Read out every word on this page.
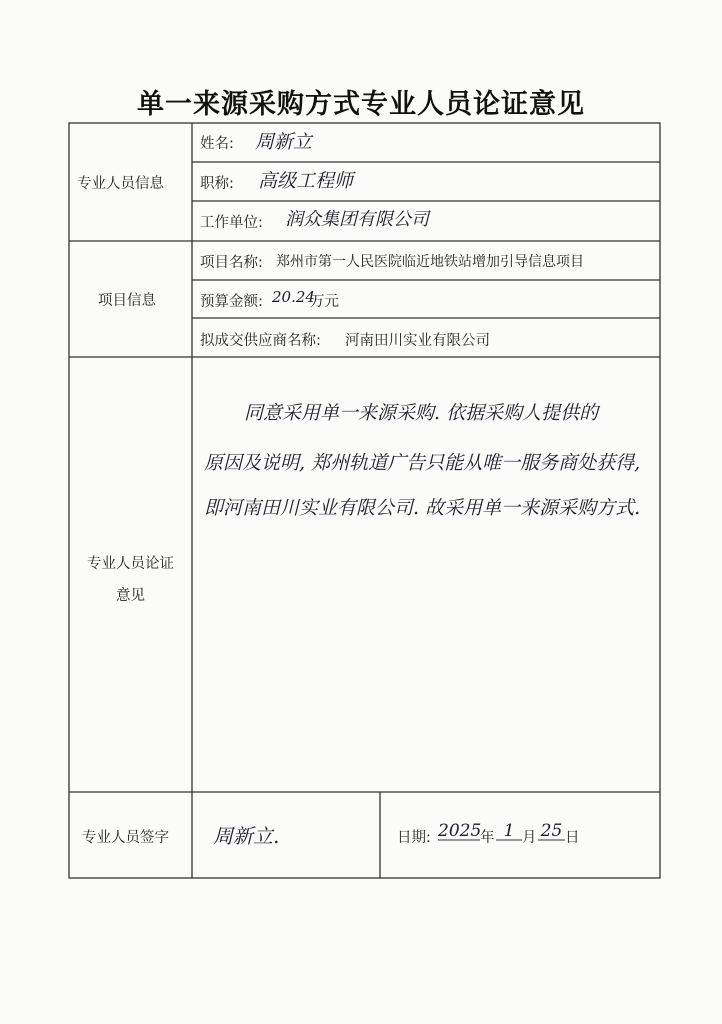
单一来源采购方式专业人员论证意见
专业人员信息
姓名: 周新立
职称: 高级工程师
工作单位: 润众集团有限公司
项目信息
项目名称: 郑州市第一人民医院临近地铁站增加引导信息项目
预算金额: 20.24
万元
拟成交供应商名称: 河南田川实业有限公司
专业人员论证
意见
同意采用单一来源采购. 依据采购人提供的
原因及说明, 郑州轨道广告只能从唯一服务商处获得,
即河南田川实业有限公司. 故采用单一来源采购方式.
专业人员签字 周新立.	日期: 2025
年 1 月 25 日
